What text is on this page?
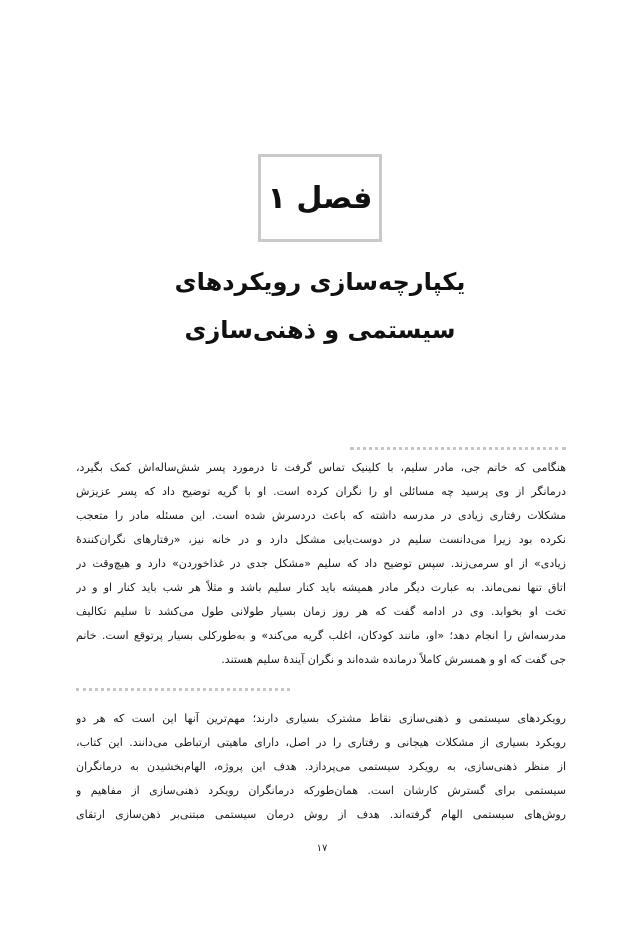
فصل ۱
یکپارچه‌سازی رویکردهای
سیستمی و ذهنی‌سازی
هنگامی که خانم جی، مادر سلیم، با کلینیک تماس گرفت تا درمورد پسر شش‌ساله‌اش کمک بگیرد،
درمانگر از وی پرسید چه مسائلی او را نگران کرده است. او با گریه توضیح داد که پسر عزیزش
مشکلات رفتاری زیادی در مدرسه داشته که باعث دردسرش شده است. این مسئله مادر را متعجب
نکرده بود زیرا می‌دانست سلیم در دوست‌یابی مشکل دارد و در خانه نیز، «رفتارهای نگران‌کنندهٔ
زیادی» از او سرمی‌زند. سپس توضیح داد که سلیم «مشکل جدی در غذاخوردن» دارد و هیچ‌وقت در
اتاق تنها نمی‌ماند. به عبارت دیگر مادر همیشه باید کنار سلیم باشد و مثلاً هر شب باید کنار او و در
تخت او بخوابد. وی در ادامه گفت که هر روز زمان بسیار طولانی طول می‌کشد تا سلیم تکالیف
مدرسه‌اش را انجام دهد؛ «او، مانند کودکان، اغلب گریه می‌کند» و به‌طورکلی بسیار پرتوقع است. خانم
جی گفت که او و همسرش کاملاً درمانده شده‌اند و نگران آیندهٔ سلیم هستند.
رویکردهای سیستمی و ذهنی‌سازی نقاط مشترک بسیاری دارند؛ مهم‌ترین آنها این است که هر دو
رویکرد بسیاری از مشکلات هیجانی و رفتاری را در اصل، دارای ماهیتی ارتباطی می‌دانند. این کتاب،
از منظر ذهنی‌سازی، به رویکرد سیستمی می‌پردازد. هدف این پروژه، الهام‌بخشیدن به درمانگران
سیستمی برای گسترش کارشان است. همان‌طورکه درمانگران رویکرد ذهنی‌سازی از مفاهیم و
روش‌های سیستمی الهام گرفته‌اند. هدف از روش درمان سیستمی مبتنی‌بر ذهن‌سازی ارتقای
۱۷
